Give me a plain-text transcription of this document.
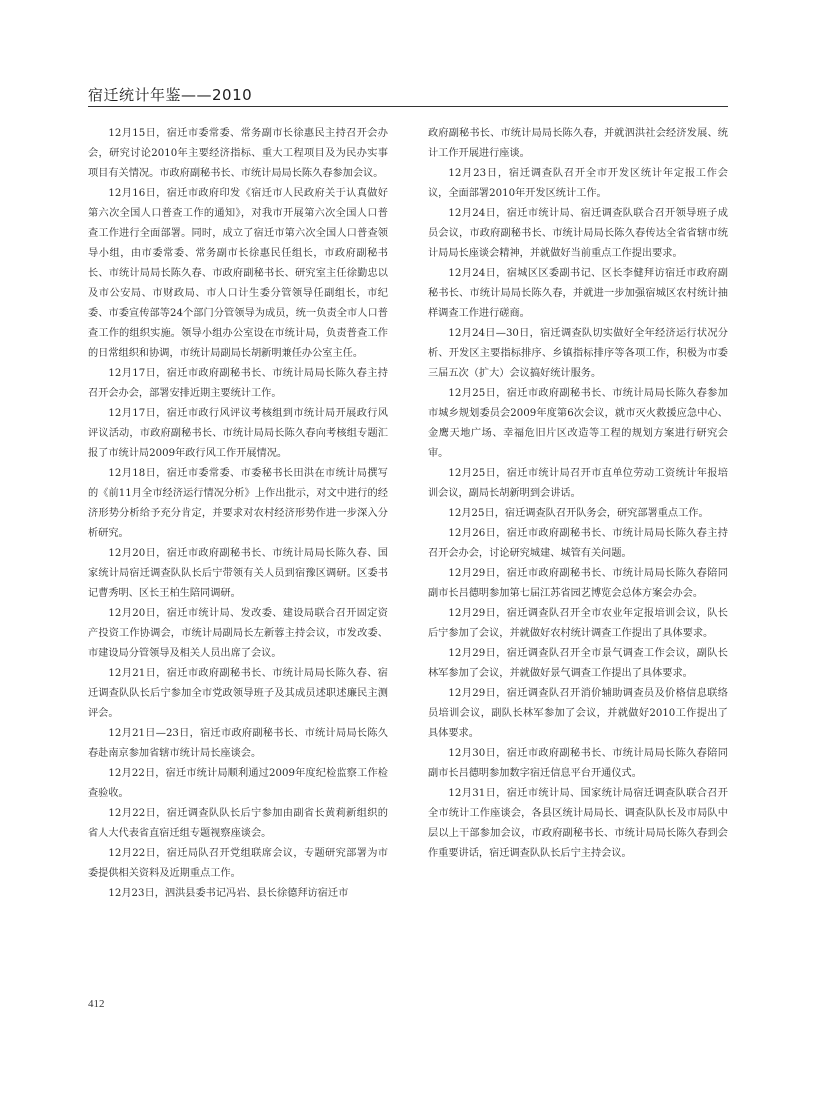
宿迁统计年鉴——2010

12月15日，宿迁市委常委、常务副市长徐惠民主持召开会办会，研究讨论2010年主要经济指标、重大工程项目及为民办实事项目有关情况。市政府副秘书长、市统计局局长陈久春参加会议。

12月16日，宿迁市政府印发《宿迁市人民政府关于认真做好第六次全国人口普查工作的通知》，对我市开展第六次全国人口普查工作进行全面部署。同时，成立了宿迁市第六次全国人口普查领导小组，由市委常委、常务副市长徐惠民任组长，市政府副秘书长、市统计局局长陈久春、市政府副秘书长、研究室主任徐勤忠以及市公安局、市财政局、市人口计生委分管领导任副组长，市纪委、市委宣传部等24个部门分管领导为成员，统一负责全市人口普查工作的组织实施。领导小组办公室设在市统计局，负责普查工作的日常组织和协调，市统计局副局长胡新明兼任办公室主任。

12月17日，宿迁市政府副秘书长、市统计局局长陈久春主持召开会办会，部署安排近期主要统计工作。

12月17日，宿迁市政行风评议考核组到市统计局开展政行风评议活动，市政府副秘书长、市统计局局长陈久春向考核组专题汇报了市统计局2009年政行风工作开展情况。

12月18日，宿迁市委常委、市委秘书长田洪在市统计局撰写的《前11月全市经济运行情况分析》上作出批示，对文中进行的经济形势分析给予充分肯定，并要求对农村经济形势作进一步深入分析研究。

12月20日，宿迁市政府副秘书长、市统计局局长陈久春、国家统计局宿迁调查队队长后宁带领有关人员到宿豫区调研。区委书记曹秀明、区长王柏生陪同调研。

12月20日，宿迁市统计局、发改委、建设局联合召开固定资产投资工作协调会，市统计局副局长左新蓉主持会议，市发改委、市建设局分管领导及相关人员出席了会议。

12月21日，宿迁市政府副秘书长、市统计局局长陈久春、宿迁调查队队长后宁参加全市党政领导班子及其成员述职述廉民主测评会。

12月21日—23日，宿迁市政府副秘书长、市统计局局长陈久春赴南京参加省辖市统计局长座谈会。

12月22日，宿迁市统计局顺利通过2009年度纪检监察工作检查验收。

12月22日，宿迁调查队队长后宁参加由副省长黄莉新组织的省人大代表省直宿迁组专题视察座谈会。

12月22日，宿迁局队召开党组联席会议，专题研究部署为市委提供相关资料及近期重点工作。

12月23日，泗洪县委书记冯岩、县长徐德拜访宿迁市

政府副秘书长、市统计局局长陈久春，并就泗洪社会经济发展、统计工作开展进行座谈。

12月23日，宿迁调查队召开全市开发区统计年定报工作会议，全面部署2010年开发区统计工作。

12月24日，宿迁市统计局、宿迁调查队联合召开领导班子成员会议，市政府副秘书长、市统计局局长陈久春传达全省省辖市统计局局长座谈会精神，并就做好当前重点工作提出要求。

12月24日，宿城区区委副书记、区长李健拜访宿迁市政府副秘书长、市统计局局长陈久春，并就进一步加强宿城区农村统计抽样调查工作进行磋商。

12月24日—30日，宿迁调查队切实做好全年经济运行状况分析、开发区主要指标排序、乡镇指标排序等各项工作，积极为市委三届五次（扩大）会议搞好统计服务。

12月25日，宿迁市政府副秘书长、市统计局局长陈久春参加市城乡规划委员会2009年度第6次会议，就市灭火救援应急中心、金鹰天地广场、幸福危旧片区改造等工程的规划方案进行研究会审。

12月25日，宿迁市统计局召开市直单位劳动工资统计年报培训会议，副局长胡新明到会讲话。

12月25日，宿迁调查队召开队务会，研究部署重点工作。

12月26日，宿迁市政府副秘书长、市统计局局长陈久春主持召开会办会，讨论研究城建、城管有关问题。

12月29日，宿迁市政府副秘书长、市统计局局长陈久春陪同副市长吕德明参加第七届江苏省园艺博览会总体方案会办会。

12月29日，宿迁调查队召开全市农业年定报培训会议，队长后宁参加了会议，并就做好农村统计调查工作提出了具体要求。

12月29日，宿迁调查队召开全市景气调查工作会议，副队长林军参加了会议，并就做好景气调查工作提出了具体要求。

12月29日，宿迁调查队召开消价辅助调查员及价格信息联络员培训会议，副队长林军参加了会议，并就做好2010工作提出了具体要求。

12月30日，宿迁市政府副秘书长、市统计局局长陈久春陪同副市长吕德明参加数字宿迁信息平台开通仪式。

12月31日，宿迁市统计局、国家统计局宿迁调查队联合召开全市统计工作座谈会，各县区统计局局长、调查队队长及市局队中层以上干部参加会议，市政府副秘书长、市统计局局长陈久春到会作重要讲话，宿迁调查队队长后宁主持会议。

412
